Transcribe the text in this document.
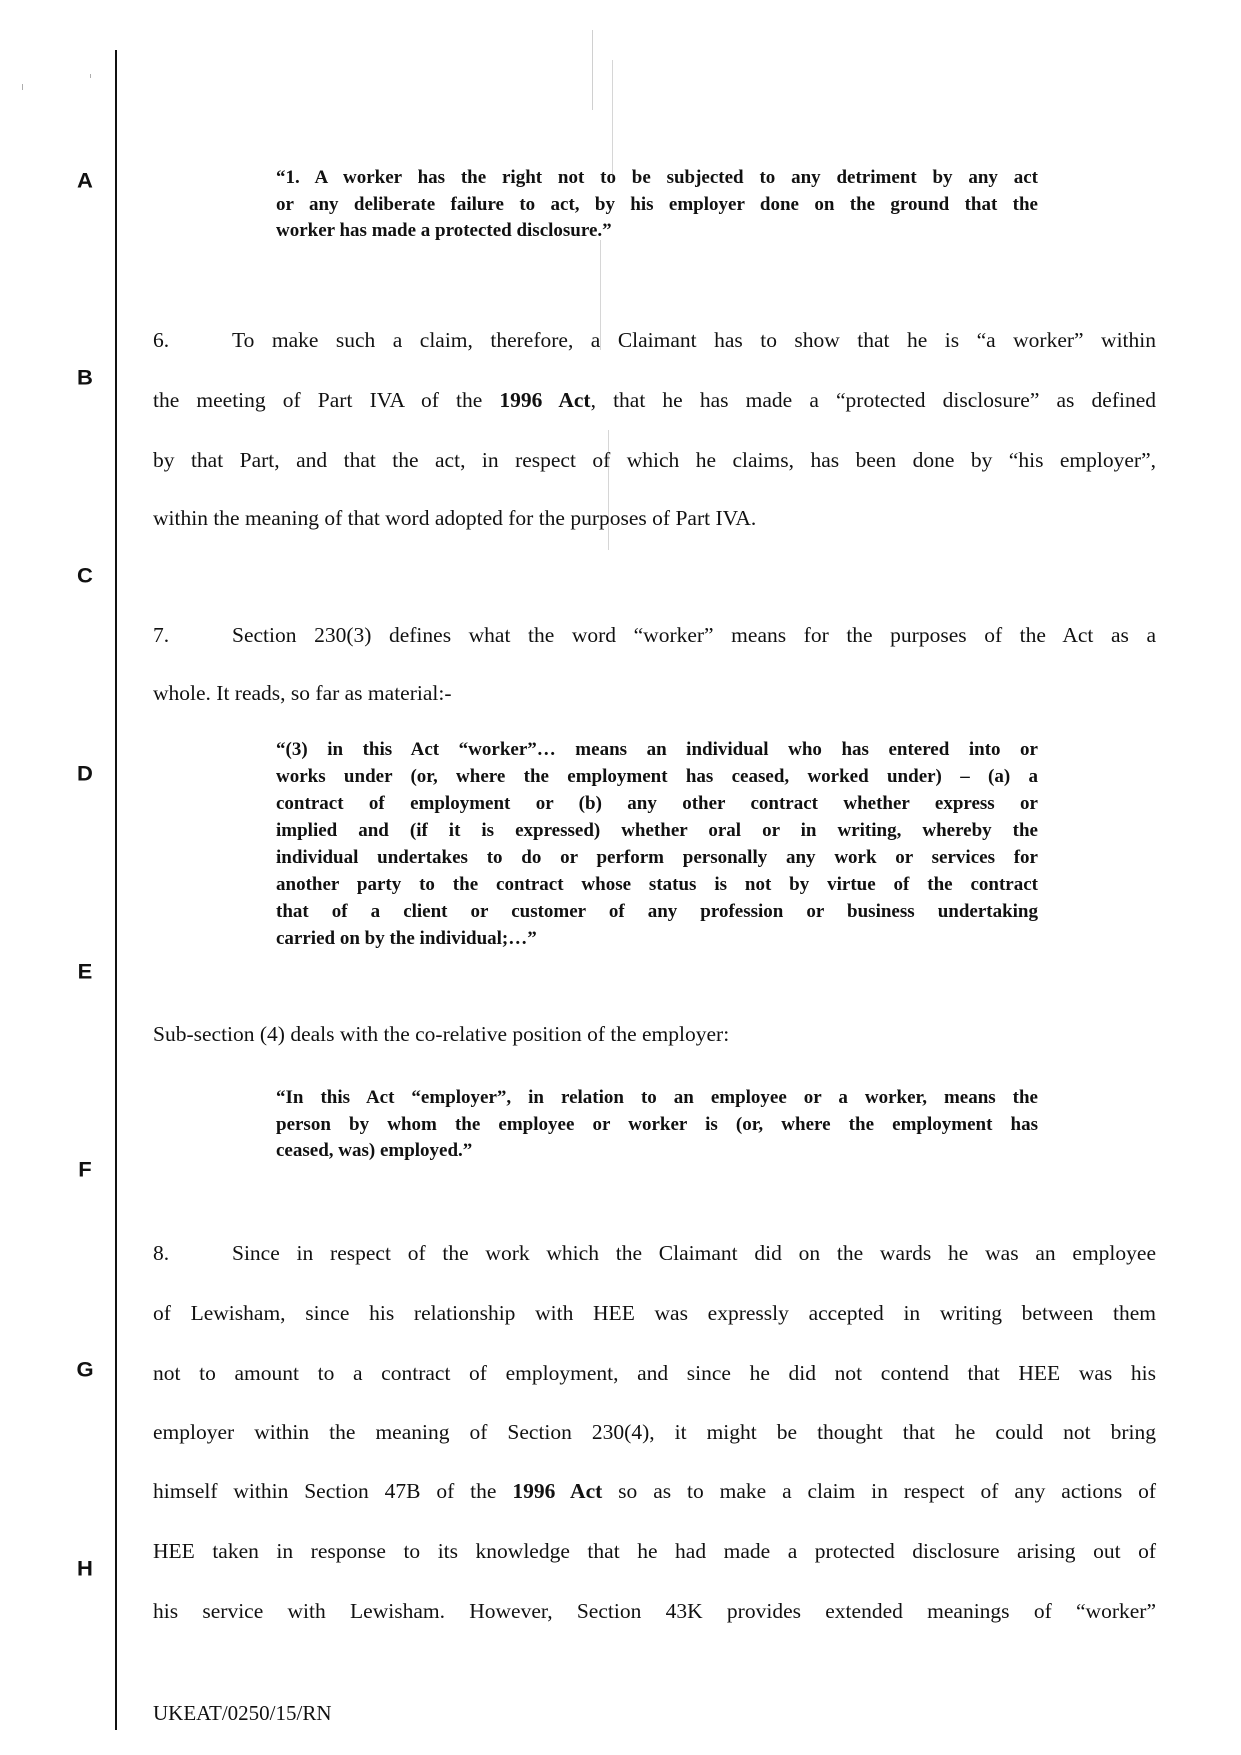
A
B
C
D
E
F
G
H
“1. A worker has the right not to be subjected to any detriment by any act
or any deliberate failure to act, by his employer done on the ground that the
worker has made a protected disclosure.”
6.	To make such a claim, therefore, a Claimant has to show that he is “a worker” within
the meeting of Part IVA of the 1996 Act, that he has made a “protected disclosure” as defined
by that Part, and that the act, in respect of which he claims, has been done by “his employer”,
within the meaning of that word adopted for the purposes of Part IVA.
7.	Section 230(3) defines what the word “worker” means for the purposes of the Act as a
whole. It reads, so far as material:-
“(3) in this Act “worker”… means an individual who has entered into or
works under (or, where the employment has ceased, worked under) – (a) a
contract of employment or (b) any other contract whether express or
implied and (if it is expressed) whether oral or in writing, whereby the
individual undertakes to do or perform personally any work or services for
another party to the contract whose status is not by virtue of the contract
that of a client or customer of any profession or business undertaking
carried on by the individual;…”
Sub-section (4) deals with the co-relative position of the employer:
“In this Act “employer”, in relation to an employee or a worker, means the
person by whom the employee or worker is (or, where the employment has
ceased, was) employed.”
8.	Since in respect of the work which the Claimant did on the wards he was an employee
of Lewisham, since his relationship with HEE was expressly accepted in writing between them
not to amount to a contract of employment, and since he did not contend that HEE was his
employer within the meaning of Section 230(4), it might be thought that he could not bring
himself within Section 47B of the 1996 Act so as to make a claim in respect of any actions of
HEE taken in response to its knowledge that he had made a protected disclosure arising out of
his service with Lewisham. However, Section 43K provides extended meanings of “worker”
UKEAT/0250/15/RN
